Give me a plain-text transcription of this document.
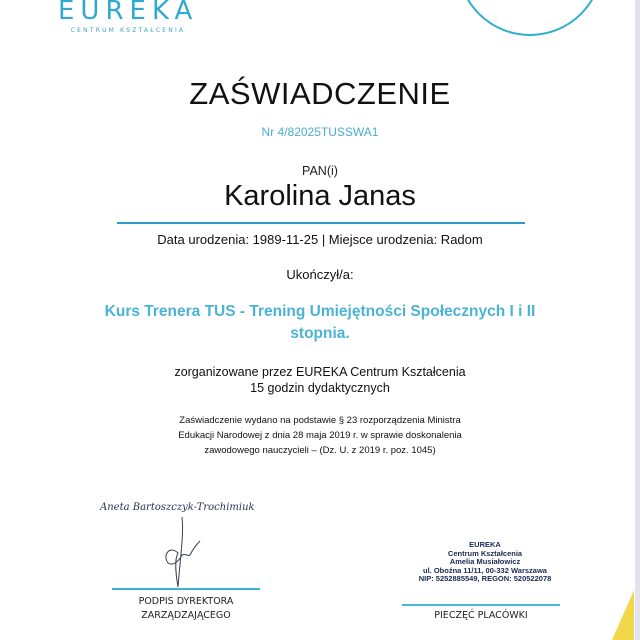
EUREKA
CENTRUM KSZTAŁCENIA
ZAŚWIADCZENIE
Nr 4/82025TUSSWA1
PAN(i)
Karolina Janas
Data urodzenia: 1989-11-25 | Miejsce urodzenia: Radom
Ukończył/a:
Kurs Trenera TUS - Trening Umiejętności Społecznych I i II
stopnia.
zorganizowane przez EUREKA Centrum Kształcenia
15 godzin dydaktycznych
Zaświadczenie wydano na podstawie § 23 rozporządzenia Ministra
Edukacji Narodowej z dnia 28 maja 2019 r. w sprawie doskonalenia
zawodowego nauczycieli – (Dz. U. z 2019 r. poz. 1045)
Aneta Bartoszczyk-Trochimiuk
PODPIS DYREKTORA
ZARZĄDZAJĄCEGO
EUREKA
Centrum Kształcenia
Amelia Musiałowicz
ul. Oboźna 11/11, 00-332 Warszawa
NIP: 5252885549, REGON: 520522078
PIECZĘĆ PLACÓWKI
